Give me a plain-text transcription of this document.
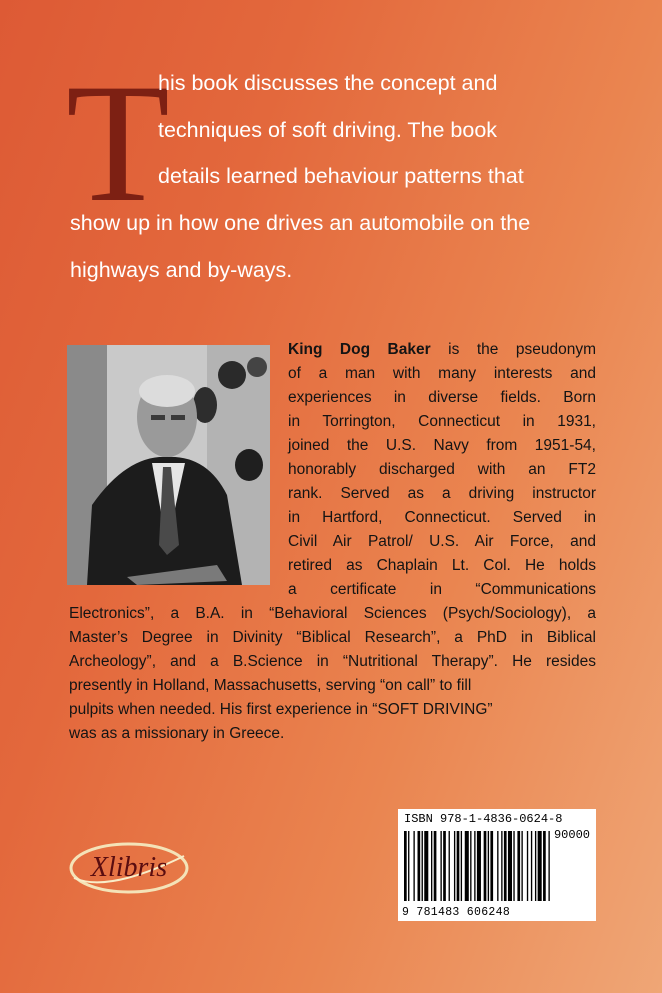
T
his book discusses the concept and
techniques of soft driving. The book
details learned behaviour patterns that
show up in how one drives an automobile on the
highways and by-ways.
King Dog Baker is the pseudonym
of a man with many interests and
experiences in diverse fields. Born
in Torrington, Connecticut in 1931,
joined the U.S. Navy from 1951-54,
honorably discharged with an FT2
rank. Served as a driving instructor
in Hartford, Connecticut. Served in
Civil Air Patrol/ U.S. Air Force, and
retired as Chaplain Lt. Col. He holds
a certificate in “Communications
Electronics”, a B.A. in “Behavioral Sciences (Psych/Sociology), a
Master’s Degree in Divinity “Biblical Research”, a PhD in Biblical
Archeology”, and a B.Science in “Nutritional Therapy”. He resides
presently in Holland, Massachusetts, serving “on call” to fill
pulpits when needed. His first experience in “SOFT DRIVING”
was as a missionary in Greece.
Xlibris
ISBN 978-1-4836-0624-8
90000
9 781483 606248
